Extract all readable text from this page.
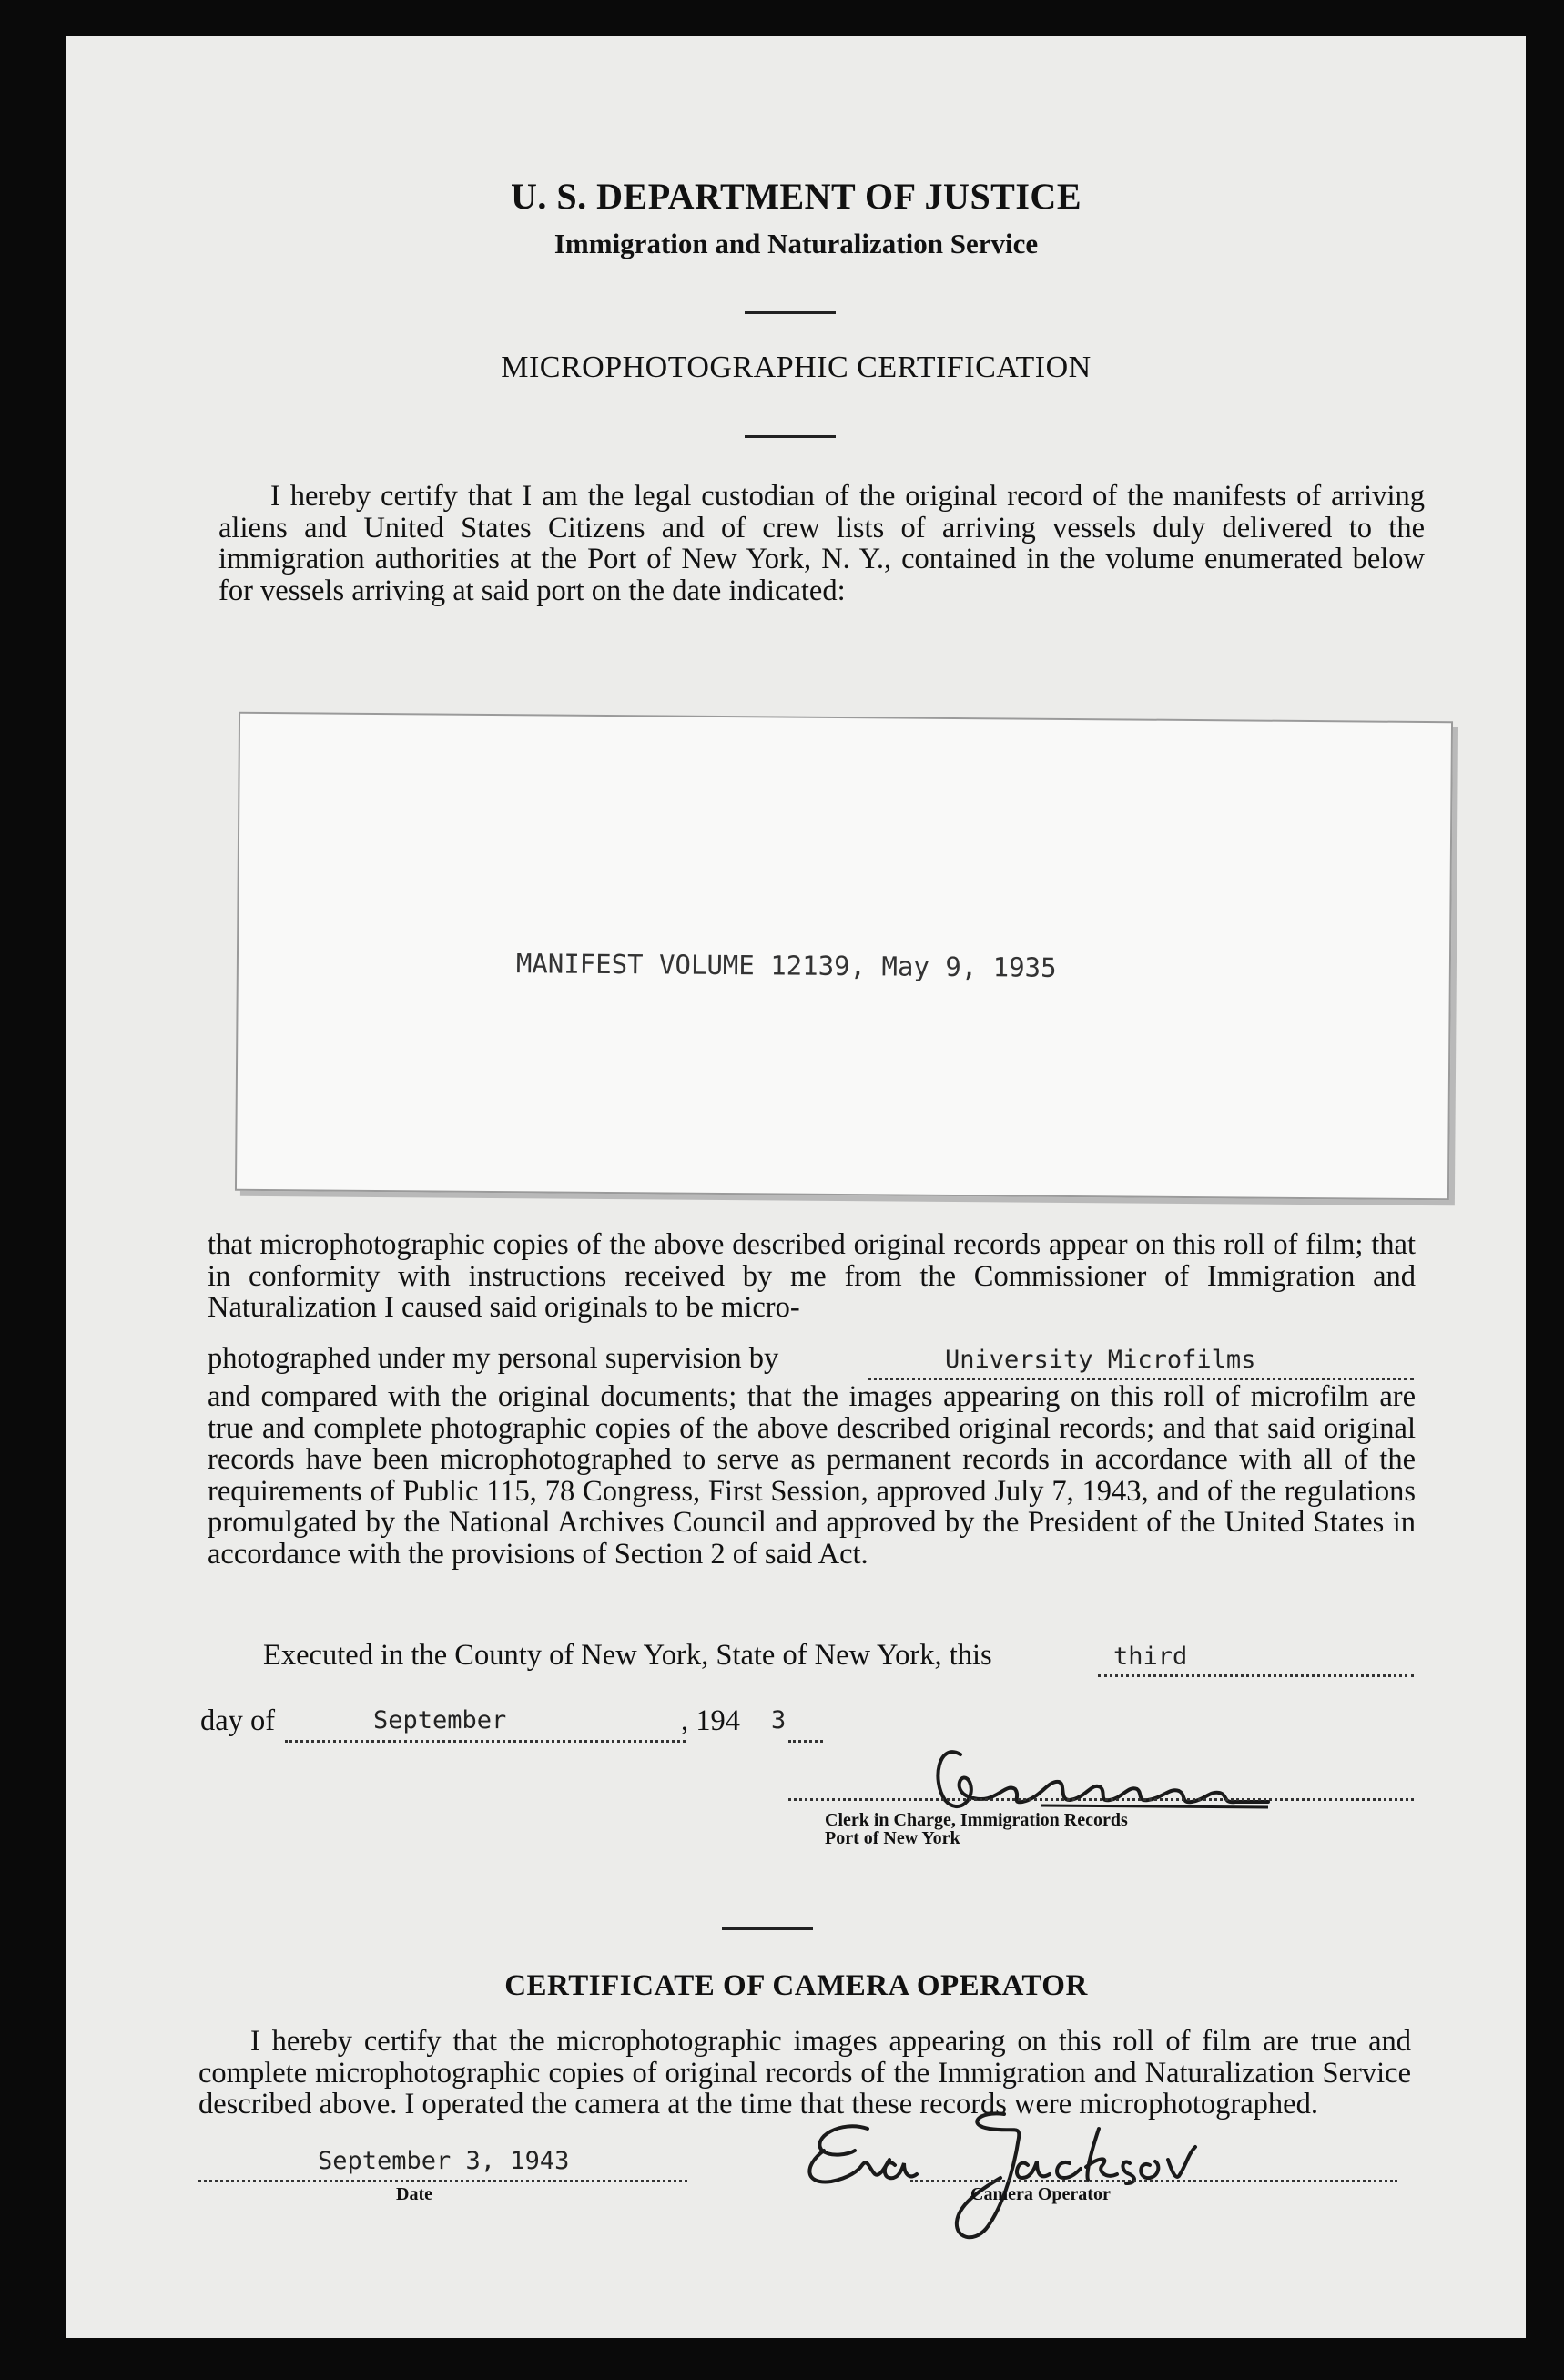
U. S. DEPARTMENT OF JUSTICE
Immigration and Naturalization Service
MICROPHOTOGRAPHIC CERTIFICATION
I hereby certify that I am the legal custodian of the original record of the manifests of arriving aliens and United States Citizens and of crew lists of arriving vessels duly delivered to the immigration authorities at the Port of New York, N. Y., contained in the volume enumerated below for vessels arriving at said port on the date indicated:
MANIFEST VOLUME 12139, May 9, 1935
that microphotographic copies of the above described original records appear on this roll of film; that in conformity with instructions received by me from the Commissioner of Immigration and Naturalization I caused said originals to be micro-
photographed under my personal supervision by	University Microfilms
and compared with the original documents; that the images appearing on this roll of microfilm are true and complete photographic copies of the above described original records; and that said original records have been microphotographed to serve as permanent records in accordance with all of the requirements of Public 115, 78 Congress, First Session, approved July 7, 1943, and of the regulations promulgated by the National Archives Council and approved by the President of the United States in accordance with the provisions of Section 2 of said Act.
Executed in the County of New York, State of New York, this	third
day of	September	, 194 3
Clerk in Charge, Immigration Records
Port of New York
CERTIFICATE OF CAMERA OPERATOR
I hereby certify that the microphotographic images appearing on this roll of film are true and complete microphotographic copies of original records of the Immigration and Naturalization Service described above. I operated the camera at the time that these records were microphotographed.
September 3, 1943
Date	Camera Operator
